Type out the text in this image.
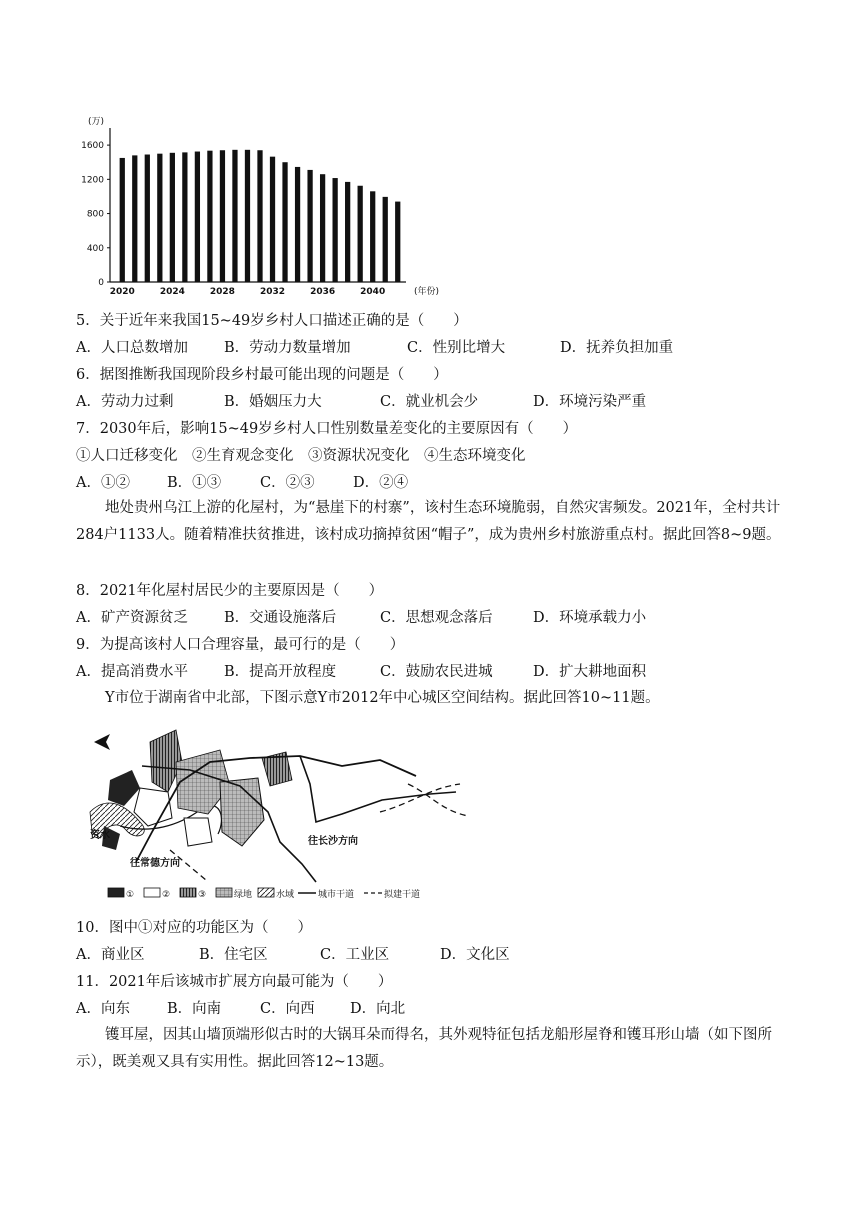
(万)
0
400
800
1200
1600
2020	2024	2028	2032	2036	2040	(年份)
5．关于近年来我国15~49岁乡村人口描述正确的是（　　）
A．人口总数增加 B．劳动力数量增加	C．性别比增大	D．抚养负担加重
6．据图推断我国现阶段乡村最可能出现的问题是（　　）
A．劳动力过剩	B．婚姻压力大	C．就业机会少	D．环境污染严重
7．2030年后，影响15~49岁乡村人口性别数量差变化的主要原因有（　　）
①人口迁移变化　②生育观念变化　③资源状况变化　④生态环境变化
A．①②	B．①③	C．②③	D．②④
地处贵州乌江上游的化屋村，为“悬崖下的村寨”，该村生态环境脆弱，自然灾害频发。2021年，全村共计284户1133人。随着精准扶贫推进，该村成功摘掉贫困“帽子”，成为贵州乡村旅游重点村。据此回答8~9题。
8．2021年化屋村居民少的主要原因是（　　）
A．矿产资源贫乏 B．交通设施落后	C．思想观念落后	D．环境承载力小
9．为提高该村人口合理容量，最可行的是（　　）
A．提高消费水平 B．提高开放程度	C．鼓励农民进城	D．扩大耕地面积
Y市位于湖南省中北部，下图示意Y市2012年中心城区空间结构。据此回答10~11题。
资水
往常德方向
往长沙方向
①	②	③	绿地	水域	城市干道	拟建干道
10．图中①对应的功能区为（　　）
A．商业区	B．住宅区	C．工业区	D．文化区
11．2021年后该城市扩展方向最可能为（　　）
A．向东	B．向南	C．向西 D．向北
镬耳屋，因其山墙顶端形似古时的大锅耳朵而得名，其外观特征包括龙船形屋脊和镬耳形山墙（如下图所示），既美观又具有实用性。据此回答12~13题。
